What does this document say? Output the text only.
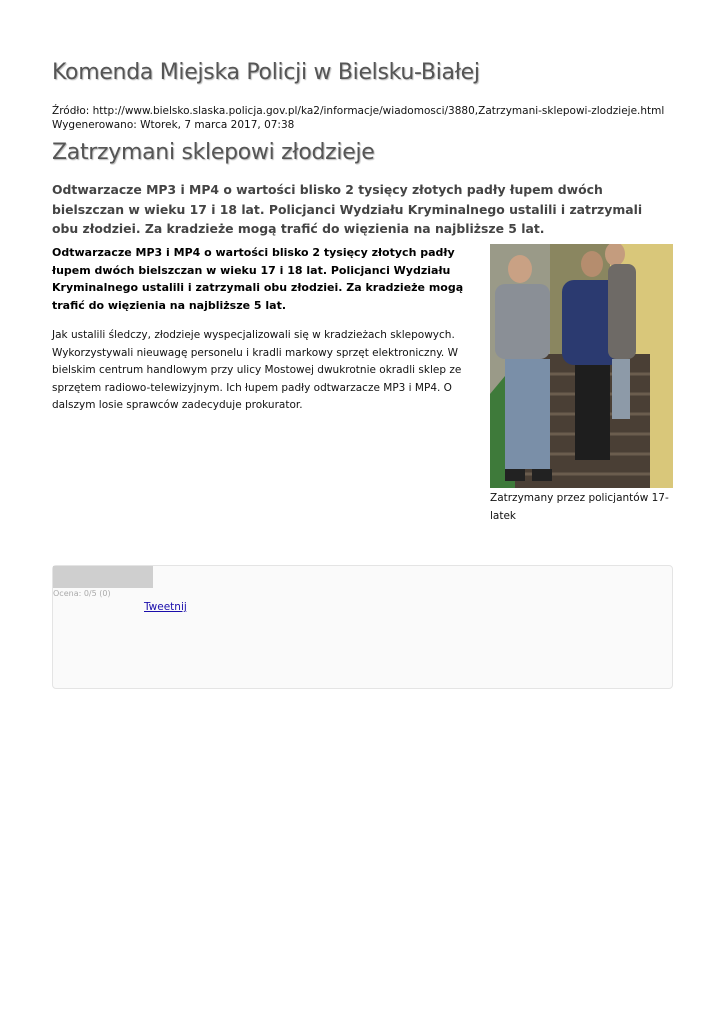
Komenda Miejska Policji w Bielsku-Białej
Źródło: http://www.bielsko.slaska.policja.gov.pl/ka2/informacje/wiadomosci/3880,Zatrzymani-sklepowi-zlodzieje.html
Wygenerowano: Wtorek, 7 marca 2017, 07:38
Zatrzymani sklepowi złodzieje

Odtwarzacze MP3 i MP4 o wartości blisko 2 tysięcy złotych padły łupem dwóch bielszczan w wieku 17 i 18 lat. Policjanci Wydziału Kryminalnego ustalili i zatrzymali obu złodziei. Za kradzieże mogą trafić do więzienia na najbliższe 5 lat.

Odtwarzacze MP3 i MP4 o wartości blisko 2 tysięcy złotych padły łupem dwóch bielszczan w wieku 17 i 18 lat. Policjanci Wydziału Kryminalnego ustalili i zatrzymali obu złodziei. Za kradzieże mogą trafić do więzienia na najbliższe 5 lat.

Jak ustalili śledczy, złodzieje wyspecjalizowali się w kradzieżach sklepowych. Wykorzystywali nieuwagę personelu i kradli markowy sprzęt elektroniczny. W bielskim centrum handlowym przy ulicy Mostowej dwukrotnie okradli sklep ze sprzętem radiowo-telewizyjnym. Ich łupem padły odtwarzacze MP3 i MP4. O dalszym losie sprawców zadecyduje prokurator.

Zatrzymany przez policjantów 17-latek
Ocena: 0/5 (0)
Tweetnij
